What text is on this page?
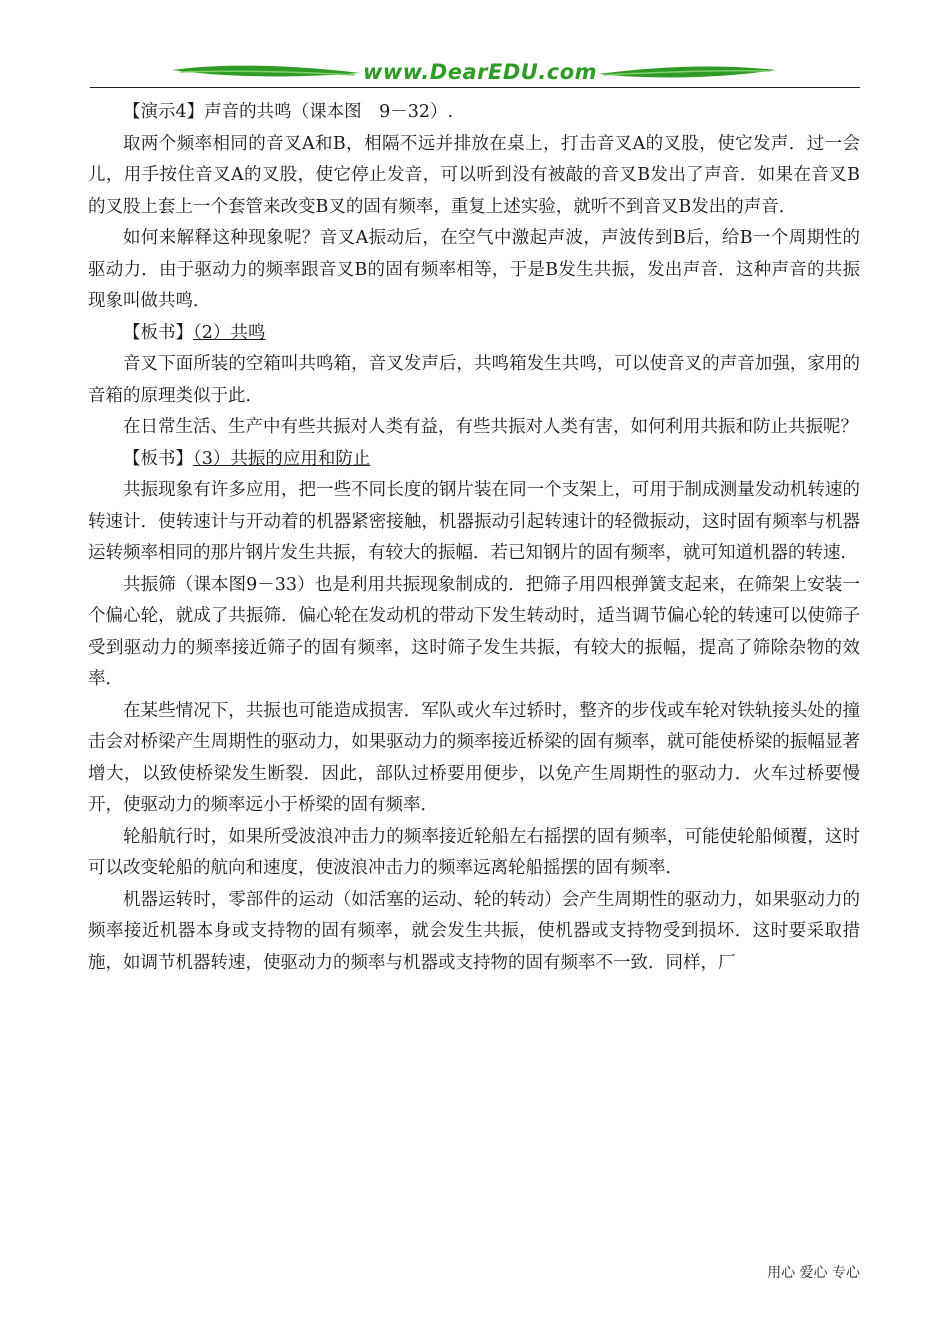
www.DearEDU.com

【演示4】声音的共鸣（课本图　9－32）.

取两个频率相同的音叉A和B，相隔不远并排放在桌上，打击音叉A的叉股，使它发声．过一会儿，用手按住音叉A的叉股，使它停止发音，可以听到没有被敲的音叉B发出了声音．如果在音叉B的叉股上套上一个套管来改变B叉的固有频率，重复上述实验，就听不到音叉B发出的声音．

如何来解释这种现象呢？音叉A振动后，在空气中激起声波，声波传到B后，给B一个周期性的驱动力．由于驱动力的频率跟音叉B的固有频率相等，于是B发生共振，发出声音．这种声音的共振现象叫做共鸣．

【板书】（2）共鸣

音叉下面所装的空箱叫共鸣箱，音叉发声后，共鸣箱发生共鸣，可以使音叉的声音加强，家用的音箱的原理类似于此．

在日常生活、生产中有些共振对人类有益，有些共振对人类有害，如何利用共振和防止共振呢？

【板书】（3）共振的应用和防止

共振现象有许多应用，把一些不同长度的钢片装在同一个支架上，可用于制成测量发动机转速的转速计．使转速计与开动着的机器紧密接触，机器振动引起转速计的轻微振动，这时固有频率与机器运转频率相同的那片钢片发生共振，有较大的振幅．若已知钢片的固有频率，就可知道机器的转速．

共振筛（课本图9－33）也是利用共振现象制成的．把筛子用四根弹簧支起来，在筛架上安装一个偏心轮，就成了共振筛．偏心轮在发动机的带动下发生转动时，适当调节偏心轮的转速可以使筛子受到驱动力的频率接近筛子的固有频率，这时筛子发生共振，有较大的振幅，提高了筛除杂物的效率．

在某些情况下，共振也可能造成损害．军队或火车过轿时，整齐的步伐或车轮对铁轨接头处的撞击会对桥梁产生周期性的驱动力，如果驱动力的频率接近桥梁的固有频率，就可能使桥梁的振幅显著增大，以致使桥梁发生断裂．因此，部队过桥要用便步，以免产生周期性的驱动力．火车过桥要慢开，使驱动力的频率远小于桥梁的固有频率．

轮船航行时，如果所受波浪冲击力的频率接近轮船左右摇摆的固有频率，可能使轮船倾覆，这时可以改变轮船的航向和速度，使波浪冲击力的频率远离轮船摇摆的固有频率．

机器运转时，零部件的运动（如活塞的运动、轮的转动）会产生周期性的驱动力，如果驱动力的频率接近机器本身或支持物的固有频率，就会发生共振，使机器或支持物受到损坏．这时要采取措施，如调节机器转速，使驱动力的频率与机器或支持物的固有频率不一致．同样，厂

用心 爱心 专心
